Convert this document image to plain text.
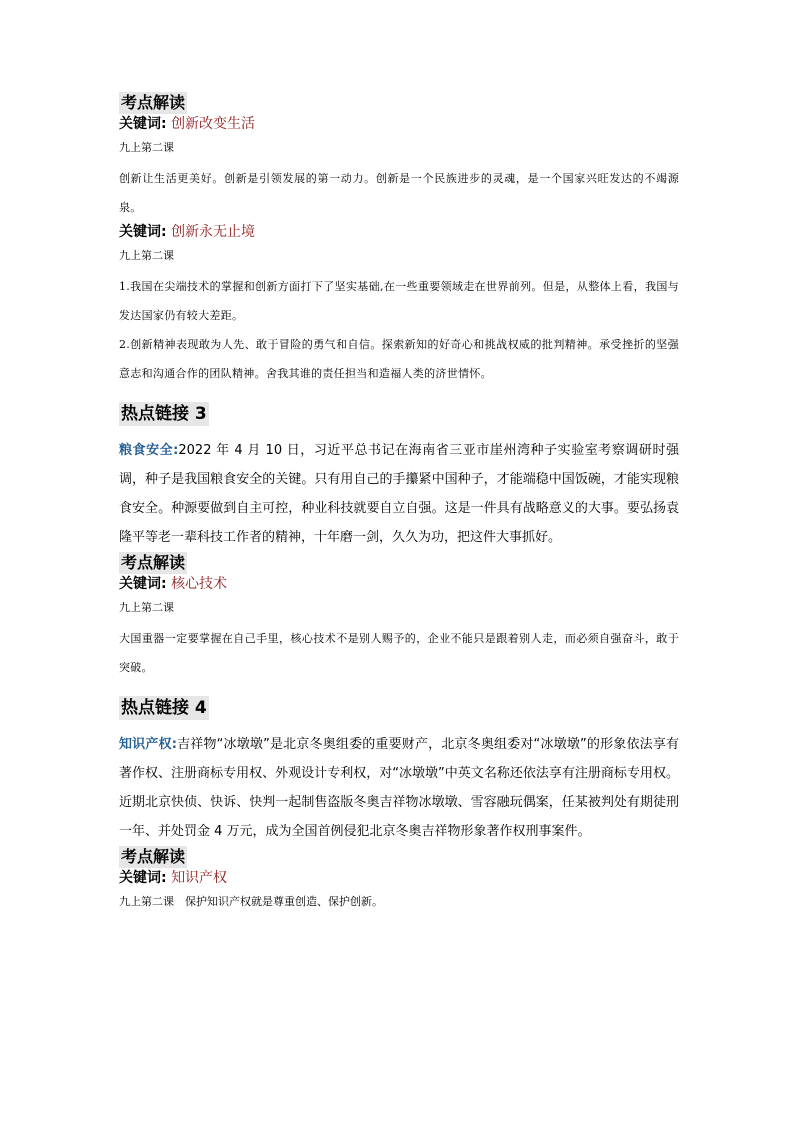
考点解读

关键词: 创新改变生活

九上第二课

创新让生活更美好。创新是引领发展的第一动力。创新是一个民族进步的灵魂，是一个国家兴旺发达的不竭源泉。

关键词: 创新永无止境

九上第二课

1.我国在尖端技术的掌握和创新方面打下了坚实基础,在一些重要领域走在世界前列。但是，从整体上看，我国与发达国家仍有较大差距。

2.创新精神表现敢为人先、敢于冒险的勇气和自信。探索新知的好奇心和挑战权威的批判精神。承受挫折的坚强意志和沟通合作的团队精神。舍我其谁的责任担当和造福人类的济世情怀。

热点链接 3

粮食安全:2022 年 4 月 10 日，习近平总书记在海南省三亚市崖州湾种子实验室考察调研时强调，种子是我国粮食安全的关键。只有用自己的手攥紧中国种子，才能端稳中国饭碗，才能实现粮食安全。种源要做到自主可控，种业科技就要自立自强。这是一件具有战略意义的大事。要弘扬袁隆平等老一辈科技工作者的精神，十年磨一剑，久久为功，把这件大事抓好。

考点解读

关键词: 核心技术

九上第二课

大国重器一定要掌握在自己手里，核心技术不是别人赐予的，企业不能只是跟着别人走，而必须自强奋斗，敢于突破。

热点链接 4

知识产权:吉祥物“冰墩墩”是北京冬奥组委的重要财产，北京冬奥组委对“冰墩墩”的形象依法享有著作权、注册商标专用权、外观设计专利权，对“冰墩墩”中英文名称还依法享有注册商标专用权。近期北京快侦、快诉、快判一起制售盗版冬奥吉祥物冰墩墩、雪容融玩偶案，任某被判处有期徒刑一年、并处罚金 4 万元，成为全国首例侵犯北京冬奥吉祥物形象著作权刑事案件。

考点解读

关键词: 知识产权

九上第二课　保护知识产权就是尊重创造、保护创新。
